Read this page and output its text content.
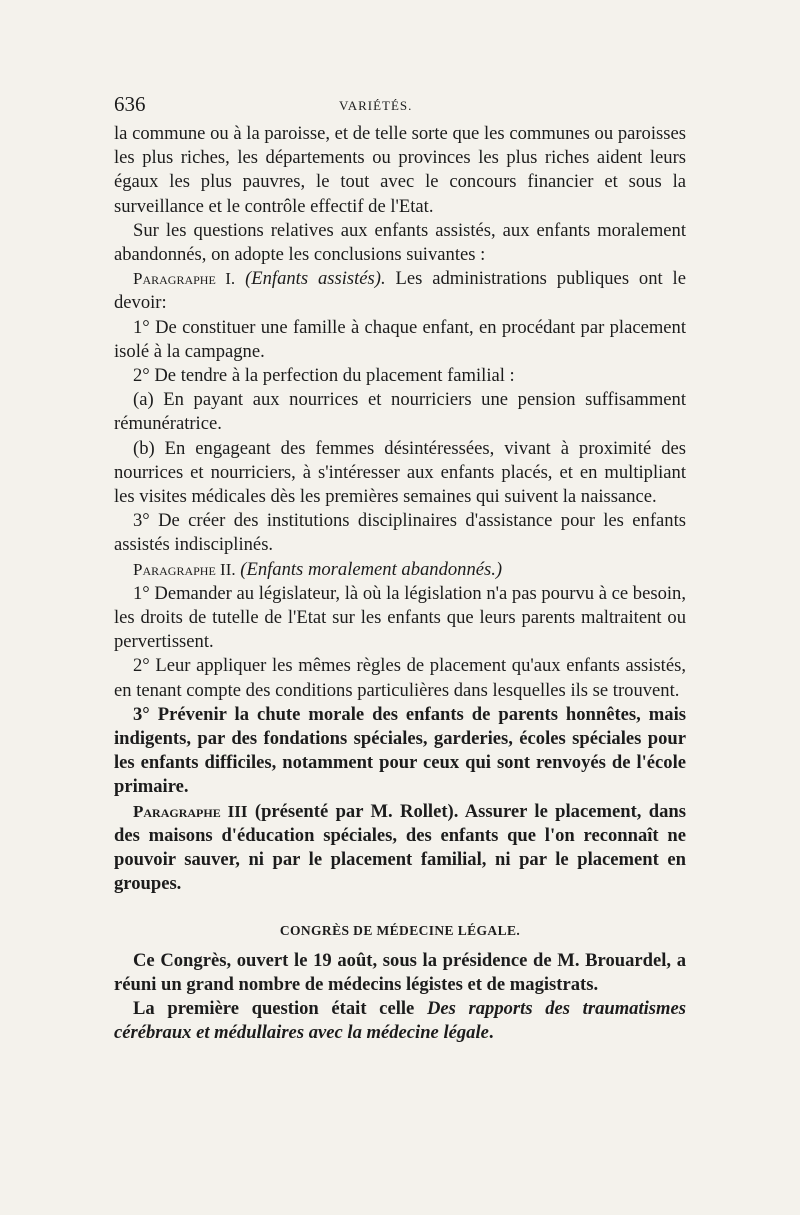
636	VARIÉTÉS.

la commune ou à la paroisse, et de telle sorte que les communes ou paroisses les plus riches, les départements ou provinces les plus riches aident leurs égaux les plus pauvres, le tout avec le concours financier et sous la surveillance et le contrôle effectif de l'Etat.

Sur les questions relatives aux enfants assistés, aux enfants moralement abandonnés, on adopte les conclusions suivantes :

Paragraphe I. (Enfants assistés). Les administrations publiques ont le devoir:

1° De constituer une famille à chaque enfant, en procédant par placement isolé à la campagne.

2° De tendre à la perfection du placement familial :

(a) En payant aux nourrices et nourriciers une pension suffisamment rémunératrice.

(b) En engageant des femmes désintéressées, vivant à proximité des nourrices et nourriciers, à s'intéresser aux enfants placés, et en multipliant les visites médicales dès les premières semaines qui suivent la naissance.

3° De créer des institutions disciplinaires d'assistance pour les enfants assistés indisciplinés.

Paragraphe II. (Enfants moralement abandonnés.)

1° Demander au législateur, là où la législation n'a pas pourvu à ce besoin, les droits de tutelle de l'Etat sur les enfants que leurs parents maltraitent ou pervertissent.

2° Leur appliquer les mêmes règles de placement qu'aux enfants assistés, en tenant compte des conditions particulières dans lesquelles ils se trouvent.

3° Prévenir la chute morale des enfants de parents honnêtes, mais indigents, par des fondations spéciales, garderies, écoles spéciales pour les enfants difficiles, notamment pour ceux qui sont renvoyés de l'école primaire.

Paragraphe III (présenté par M. Rollet). Assurer le placement, dans des maisons d'éducation spéciales, des enfants que l'on reconnaît ne pouvoir sauver, ni par le placement familial, ni par le placement en groupes.

CONGRÈS DE MÉDECINE LÉGALE.

Ce Congrès, ouvert le 19 août, sous la présidence de M. Brouardel, a réuni un grand nombre de médecins légistes et de magistrats.

La première question était celle Des rapports des traumatismes cérébraux et médullaires avec la médecine légale.
